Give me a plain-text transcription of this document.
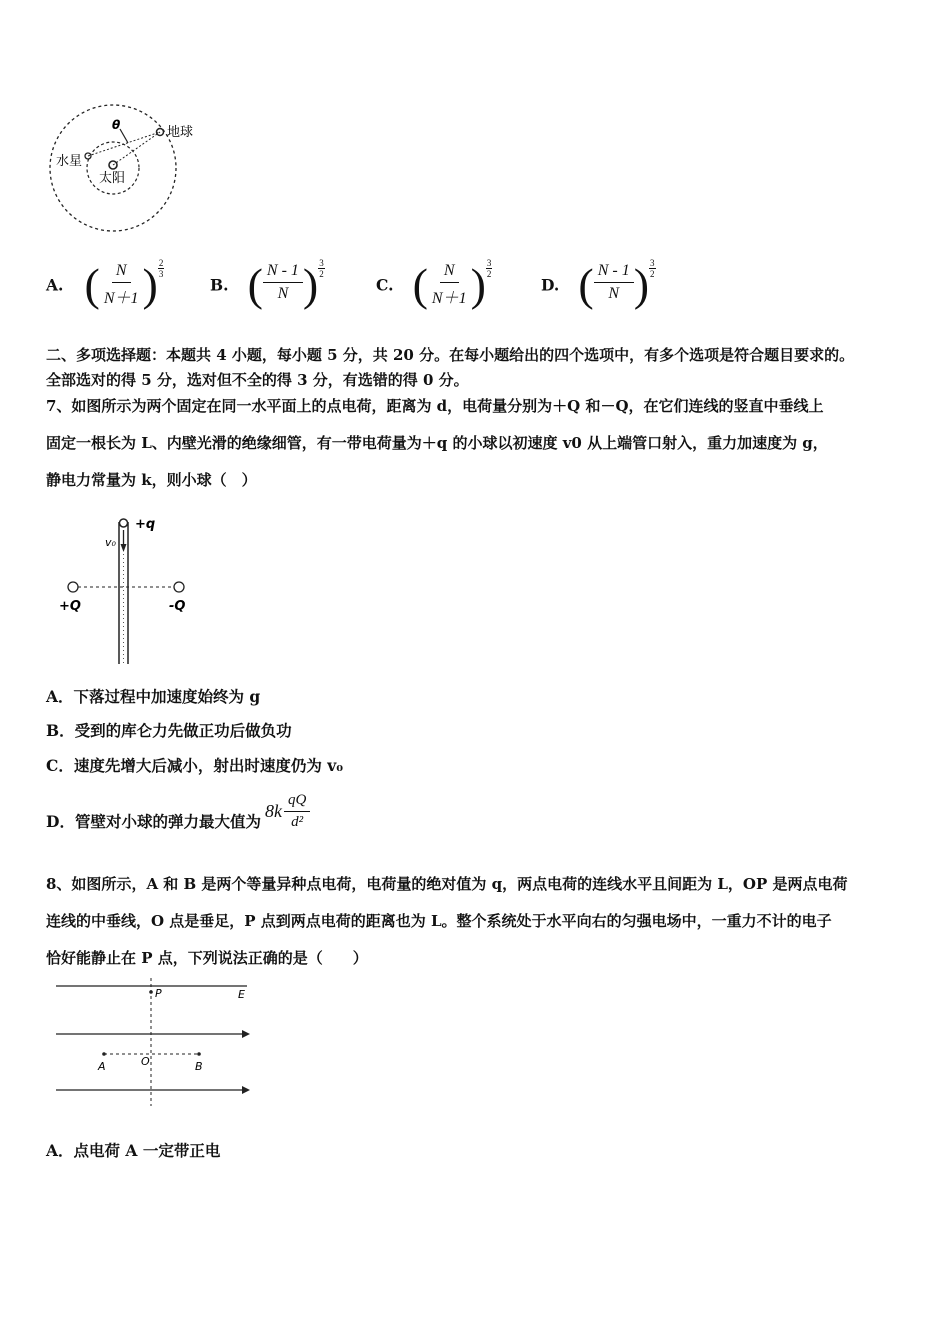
θ	地球
水星
太阳
A. ( $\frac{N}{N+1}$ ) 2
3
B. ( $\frac{N - 1}{N}$ ) 3
2
C. ( $\frac{N}{N+1}$ ) 3
2
D. ( $\frac{N - 1}{N}$ ) 3
2
二、多项选择题：本题共 4 小题，每小题 5 分，共 20 分。在每小题给出的四个选项中，有多个选项是符合题目要求的。
全部选对的得 5 分，选对但不全的得 3 分，有选错的得 0 分。
7、如图所示为两个固定在同一水平面上的点电荷，距离为 d，电荷量分别为＋Q 和－Q，在它们连线的竖直中垂线上
固定一根长为 L、内壁光滑的绝缘细管，有一带电荷量为＋q 的小球以初速度 v0 从上端管口射入，重力加速度为 g，
静电力常量为 k，则小球（　）
+q
v₀
+Q	-Q
A．下落过程中加速度始终为 g
B．受到的库仑力先做正功后做负功
C．速度先增大后减小，射出时速度仍为 v₀
D．管壁对小球的弹力最大值为
$8k \frac{qQ}{\text{d²}}$
8、如图所示，A 和 B 是两个等量异种点电荷，电荷量的绝对值为 q，两点电荷的连线水平且间距为 L，OP 是两点电荷
连线的中垂线，O 点是垂足，P 点到两点电荷的距离也为 L。整个系统处于水平向右的匀强电场中，一重力不计的电子
恰好能静止在 P 点，下列说法正确的是（　　）
P	E
A	O	B
A．点电荷 A 一定带正电
